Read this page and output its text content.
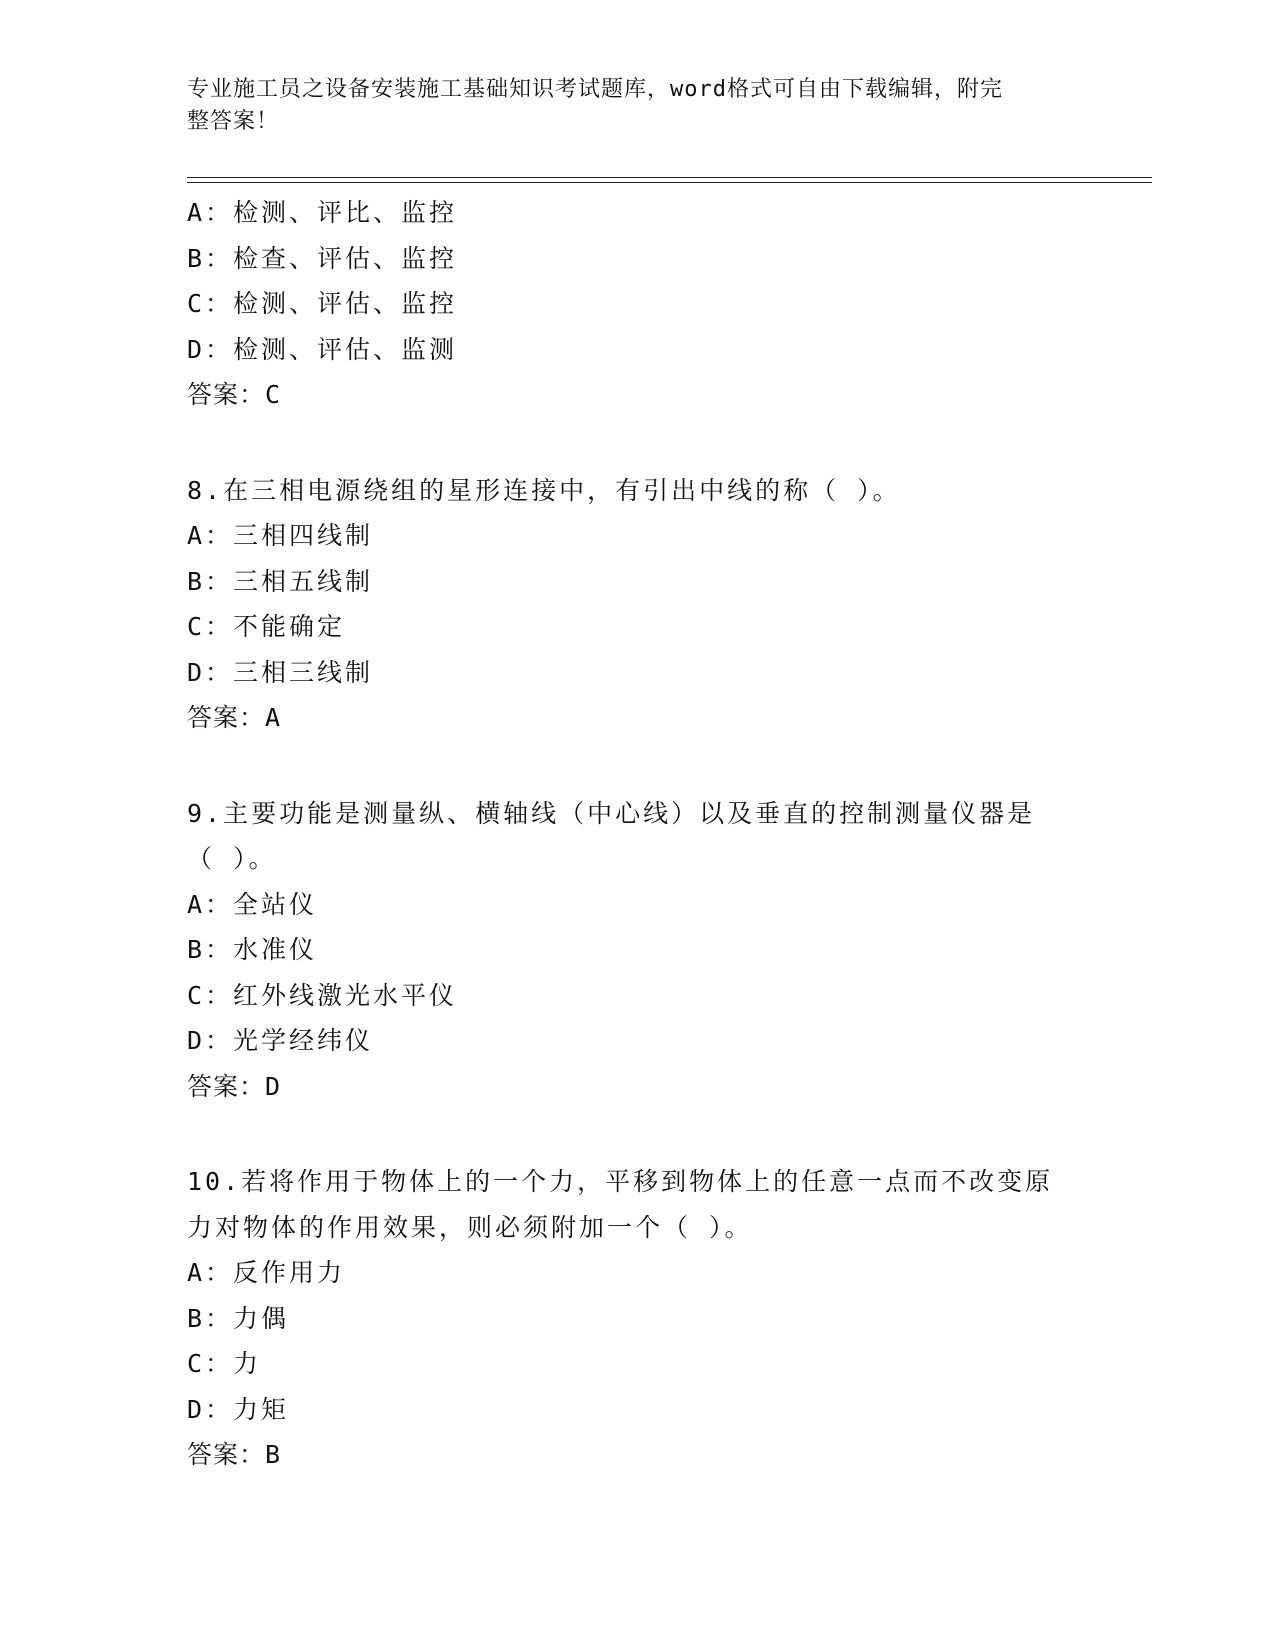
专业施工员之设备安装施工基础知识考试题库，word格式可自由下载编辑，附完
整答案！
A：检测、评比、监控
B：检查、评估、监控
C：检测、评估、监控
D：检测、评估、监测
答案：C
8.在三相电源绕组的星形连接中，有引出中线的称（ ）。
A：三相四线制
B：三相五线制
C：不能确定
D：三相三线制
答案：A
9.主要功能是测量纵、横轴线（中心线）以及垂直的控制测量仪器是
（ ）。
A：全站仪
B：水准仪
C：红外线激光水平仪
D：光学经纬仪
答案：D
10.若将作用于物体上的一个力，平移到物体上的任意一点而不改变原
力对物体的作用效果，则必须附加一个（ ）。
A：反作用力
B：力偶
C：力
D：力矩
答案：B
